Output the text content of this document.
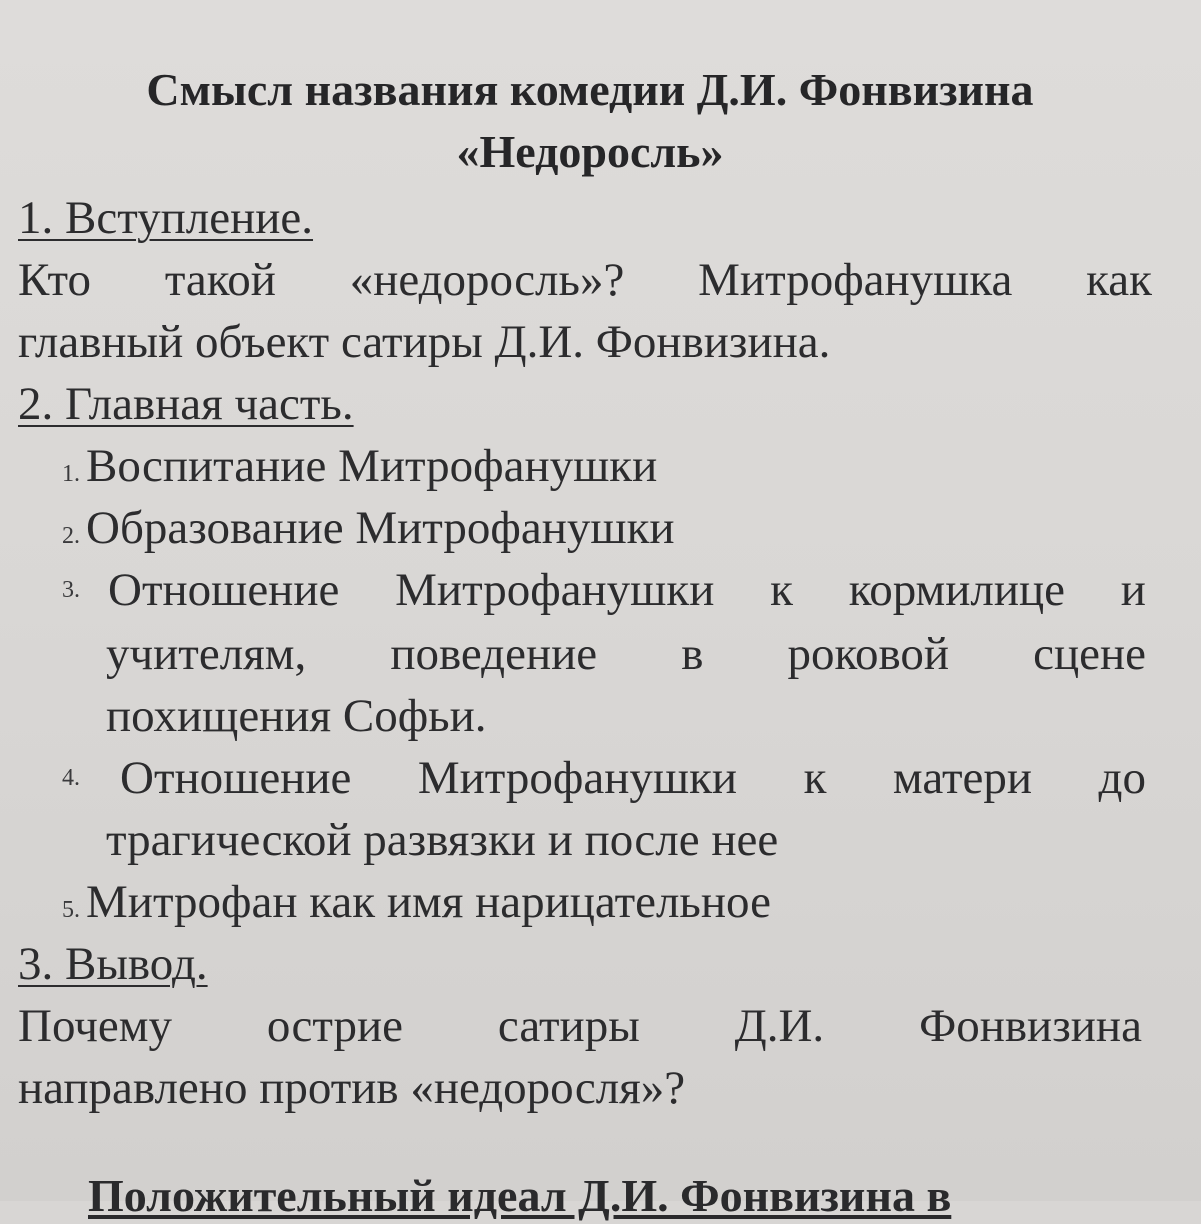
Смысл названия комедии Д.И. Фонвизина
«Недоросль»
1. Вступление.
Кто такой «недоросль»? Митрофанушка как
главный объект сатиры Д.И. Фонвизина.
2. Главная часть.
1. Воспитание Митрофанушки
2. Образование Митрофанушки
3. Отношение Митрофанушки к кормилице и
учителям, поведение в роковой сцене
похищения Софьи.
4. Отношение Митрофанушки к матери до
трагической развязки и после нее
5. Митрофан как имя нарицательное
3. Вывод.
Почему острие сатиры Д.И. Фонвизина
направлено против «недоросля»?
Положительный идеал Д.И. Фонвизина в
